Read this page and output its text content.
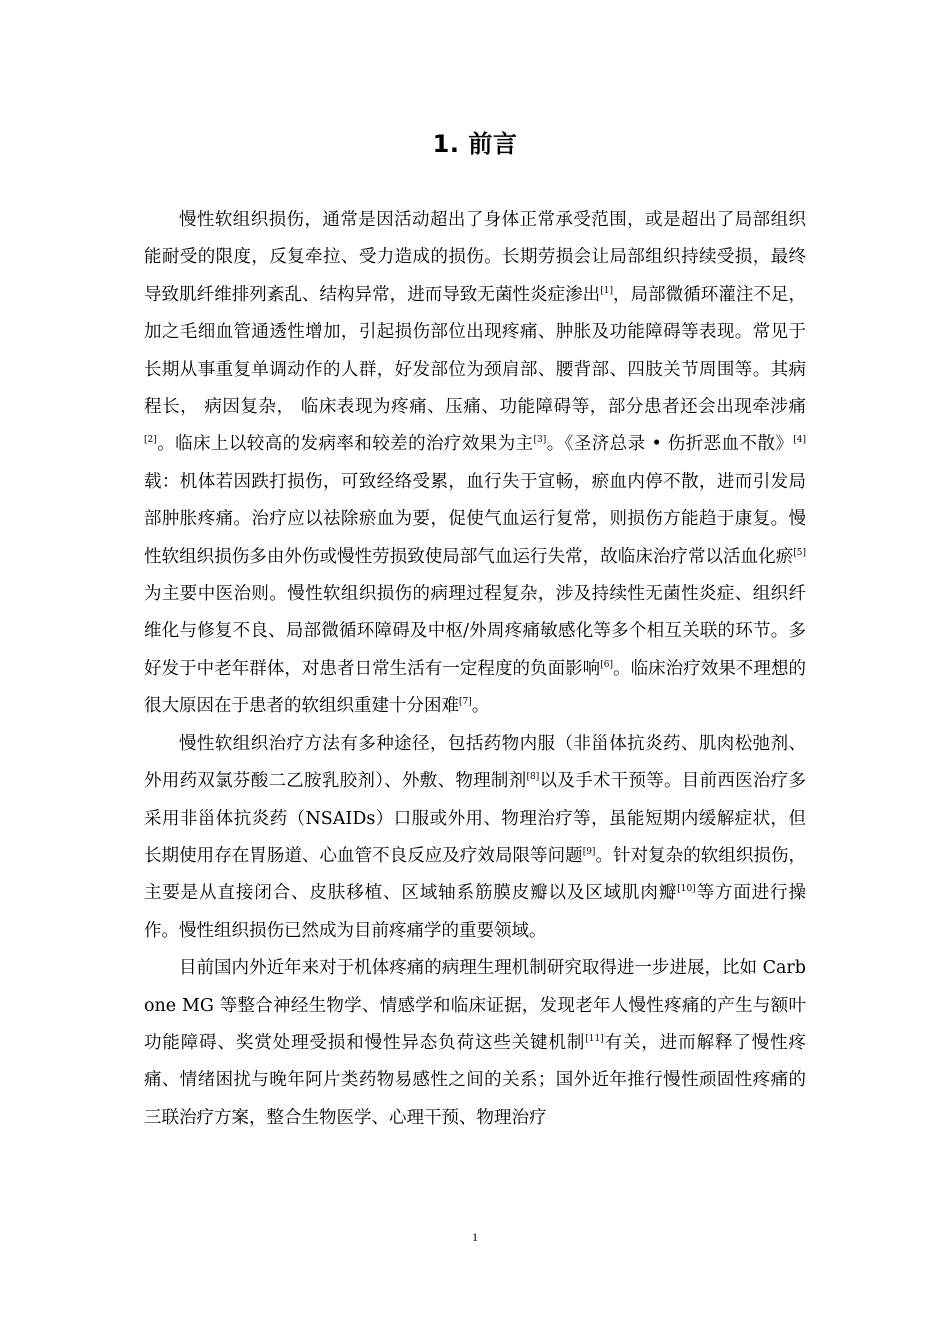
1. 前言

慢性软组织损伤，通常是因活动超出了身体正常承受范围，或是超出了局部组织能耐受的限度，反复牵拉、受力造成的损伤。长期劳损会让局部组织持续受损，最终导致肌纤维排列紊乱、结构异常，进而导致无菌性炎症渗出[1]，局部微循环灌注不足，加之毛细血管通透性增加，引起损伤部位出现疼痛、肿胀及功能障碍等表现。常见于长期从事重复单调动作的人群，好发部位为颈肩部、腰背部、四肢关节周围等。其病程长， 病因复杂， 临床表现为疼痛、压痛、功能障碍等，部分患者还会出现牵涉痛[2]。临床上以较高的发病率和较差的治疗效果为主[3]。《圣济总录 • 伤折恶血不散》[4]载：机体若因跌打损伤，可致经络受累，血行失于宣畅，瘀血内停不散，进而引发局部肿胀疼痛。治疗应以祛除瘀血为要，促使气血运行复常，则损伤方能趋于康复。慢性软组织损伤多由外伤或慢性劳损致使局部气血运行失常，故临床治疗常以活血化瘀[5]为主要中医治则。慢性软组织损伤的病理过程复杂，涉及持续性无菌性炎症、组织纤维化与修复不良、局部微循环障碍及中枢/外周疼痛敏感化等多个相互关联的环节。多好发于中老年群体，对患者日常生活有一定程度的负面影响[6]。临床治疗效果不理想的很大原因在于患者的软组织重建十分困难[7]。

慢性软组织治疗方法有多种途径，包括药物内服（非甾体抗炎药、肌肉松弛剂、外用药双氯芬酸二乙胺乳胶剂）、外敷、物理制剂[8]以及手术干预等。目前西医治疗多采用非甾体抗炎药（NSAIDs）口服或外用、物理治疗等，虽能短期内缓解症状，但长期使用存在胃肠道、心血管不良反应及疗效局限等问题[9]。针对复杂的软组织损伤，主要是从直接闭合、皮肤移植、区域轴系筋膜皮瓣以及区域肌肉瓣[10]等方面进行操作。慢性组织损伤已然成为目前疼痛学的重要领域。

目前国内外近年来对于机体疼痛的病理生理机制研究取得进一步进展，比如 Carbone MG 等整合神经生物学、情感学和临床证据，发现老年人慢性疼痛的产生与额叶功能障碍、奖赏处理受损和慢性异态负荷这些关键机制[11]有关，进而解释了慢性疼痛、情绪困扰与晚年阿片类药物易感性之间的关系；国外近年推行慢性顽固性疼痛的三联治疗方案，整合生物医学、心理干预、物理治疗

1
